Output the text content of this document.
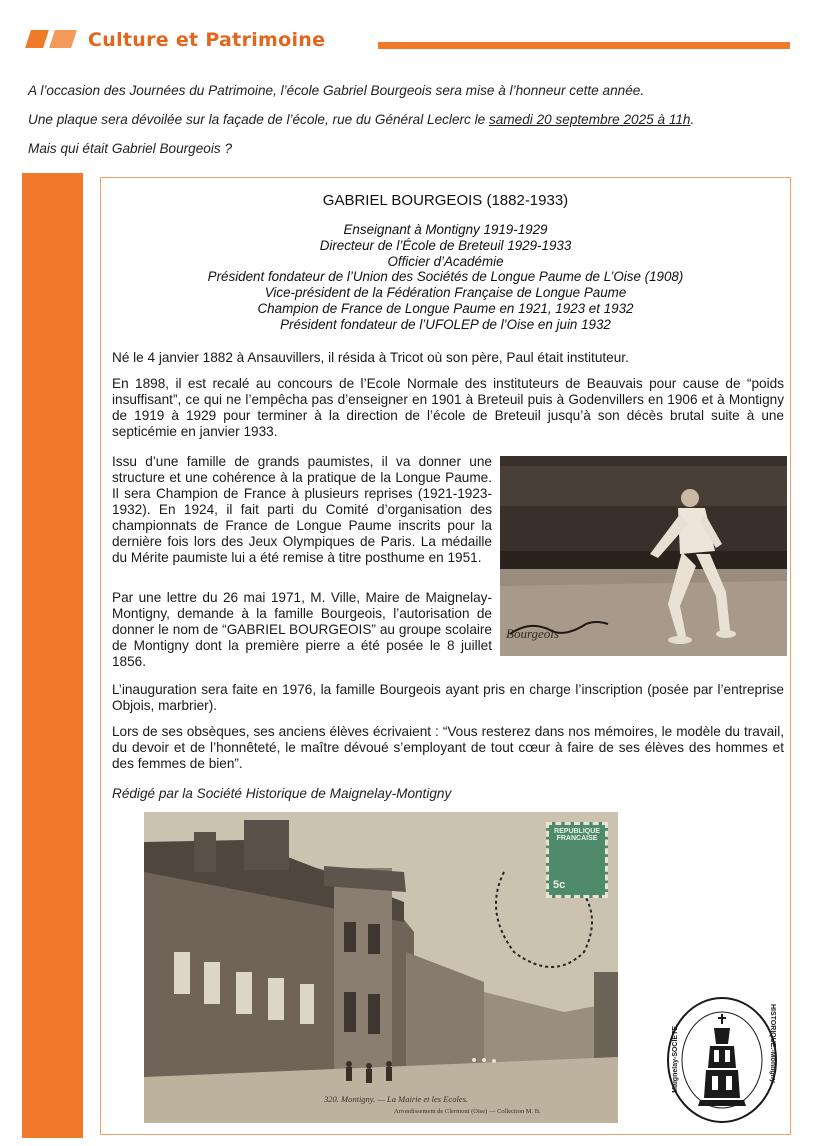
Culture et Patrimoine

A l’occasion des Journées du Patrimoine, l’école Gabriel Bourgeois sera mise à l’honneur cette année.

Une plaque sera dévoilée sur la façade de l’école, rue du Général Leclerc le samedi 20 septembre 2025 à 11h.

Mais qui était Gabriel Bourgeois ?

GABRIEL BOURGEOIS (1882-1933)
Enseignant à Montigny 1919-1929
Directeur de l’École de Breteuil 1929-1933
Officier d’Académie
Président fondateur de l’Union des Sociétés de Longue Paume de L’Oise (1908)
Vice-président de la Fédération Française de Longue Paume
Champion de France de Longue Paume en 1921, 1923 et 1932
Président fondateur de l’UFOLEP de l’Oise en juin 1932

Né le 4 janvier 1882 à Ansauvillers, il résida à Tricot où son père, Paul était instituteur.

En 1898, il est recalé au concours de l’Ecole Normale des instituteurs de Beauvais pour cause de “poids insuffisant”, ce qui ne l’empêcha pas d’enseigner en 1901 à Breteuil puis à Godenvillers en 1906 et à Montigny de 1919 à 1929 pour terminer à la direction de l’école de Breteuil jusqu’à son décès brutal suite à une septicémie en janvier 1933.

Issu d’une famille de grands paumistes, il va donner une structure et une cohérence à la pratique de la Longue Paume. Il sera Champion de France à plusieurs reprises (1921-1923-1932). En 1924, il fait parti du Comité d’organisation des championnats de France de Longue Paume inscrits pour la dernière fois lors des Jeux Olympiques de Paris. La médaille du Mérite paumiste lui a été remise à titre posthume en 1951.

Par une lettre du 26 mai 1971, M. Ville, Maire de Maignelay-Montigny, demande à la famille Bourgeois, l’autorisation de donner le nom de “GABRIEL BOURGEOIS” au groupe scolaire de Montigny dont la première pierre a été posée le 8 juillet 1856.

L’inauguration sera faite en 1976, la famille Bourgeois ayant pris en charge l’inscription (posée par l’entreprise Objois, marbrier).

Lors de ses obsèques, ses anciens élèves écrivaient : “Vous resterez dans nos mémoires, le modèle du travail, du devoir et de l’honnêteté, le maître dévoué s’employant de tout cœur à faire de ses élèves des hommes et des femmes de bien”.

Rédigé par la Société Historique de Maignelay-Montigny

Bourgeois
REPUBLIQUE FRANCAISE
5c
320. Montigny. — La Mairie et les Ecoles.
Arrondissement de Clermont (Oise) — Collection M. B.
Maignelay-SOCIETE.	HISTORIQUE.-Montigny.
